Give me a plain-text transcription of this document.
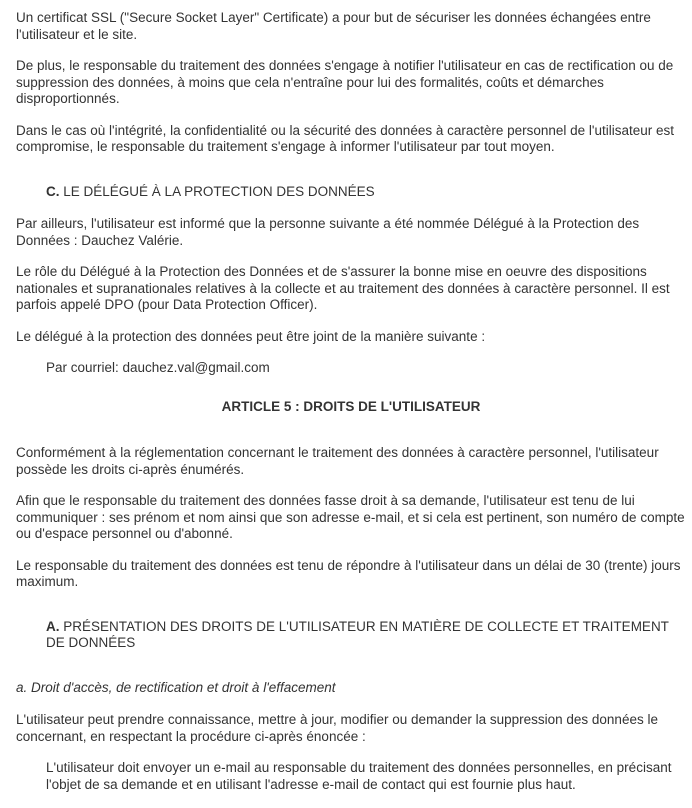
Un certificat SSL ("Secure Socket Layer" Certificate) a pour but de sécuriser les données échangées entre l'utilisateur et le site.

De plus, le responsable du traitement des données s'engage à notifier l'utilisateur en cas de rectification ou de suppression des données, à moins que cela n'entraîne pour lui des formalités, coûts et démarches disproportionnés.

Dans le cas où l'intégrité, la confidentialité ou la sécurité des données à caractère personnel de l'utilisateur est compromise, le responsable du traitement s'engage à informer l'utilisateur par tout moyen.

C. LE DÉLÉGUÉ À LA PROTECTION DES DONNÉES

Par ailleurs, l'utilisateur est informé que la personne suivante a été nommée Délégué à la Protection des Données : Dauchez Valérie.

Le rôle du Délégué à la Protection des Données et de s'assurer la bonne mise en oeuvre des dispositions nationales et supranationales relatives à la collecte et au traitement des données à caractère personnel. Il est parfois appelé DPO (pour Data Protection Officer).

Le délégué à la protection des données peut être joint de la manière suivante :

Par courriel: dauchez.val@gmail.com

ARTICLE 5 : DROITS DE L'UTILISATEUR

Conformément à la réglementation concernant le traitement des données à caractère personnel, l'utilisateur possède les droits ci-après énumérés.

Afin que le responsable du traitement des données fasse droit à sa demande, l'utilisateur est tenu de lui communiquer : ses prénom et nom ainsi que son adresse e-mail, et si cela est pertinent, son numéro de compte ou d'espace personnel ou d'abonné.

Le responsable du traitement des données est tenu de répondre à l'utilisateur dans un délai de 30 (trente) jours maximum.

A. PRÉSENTATION DES DROITS DE L'UTILISATEUR EN MATIÈRE DE COLLECTE ET TRAITEMENT DE DONNÉES

a. Droit d'accès, de rectification et droit à l'effacement

L'utilisateur peut prendre connaissance, mettre à jour, modifier ou demander la suppression des données le concernant, en respectant la procédure ci-après énoncée :

L'utilisateur doit envoyer un e-mail au responsable du traitement des données personnelles, en précisant l'objet de sa demande et en utilisant l'adresse e-mail de contact qui est fournie plus haut.
